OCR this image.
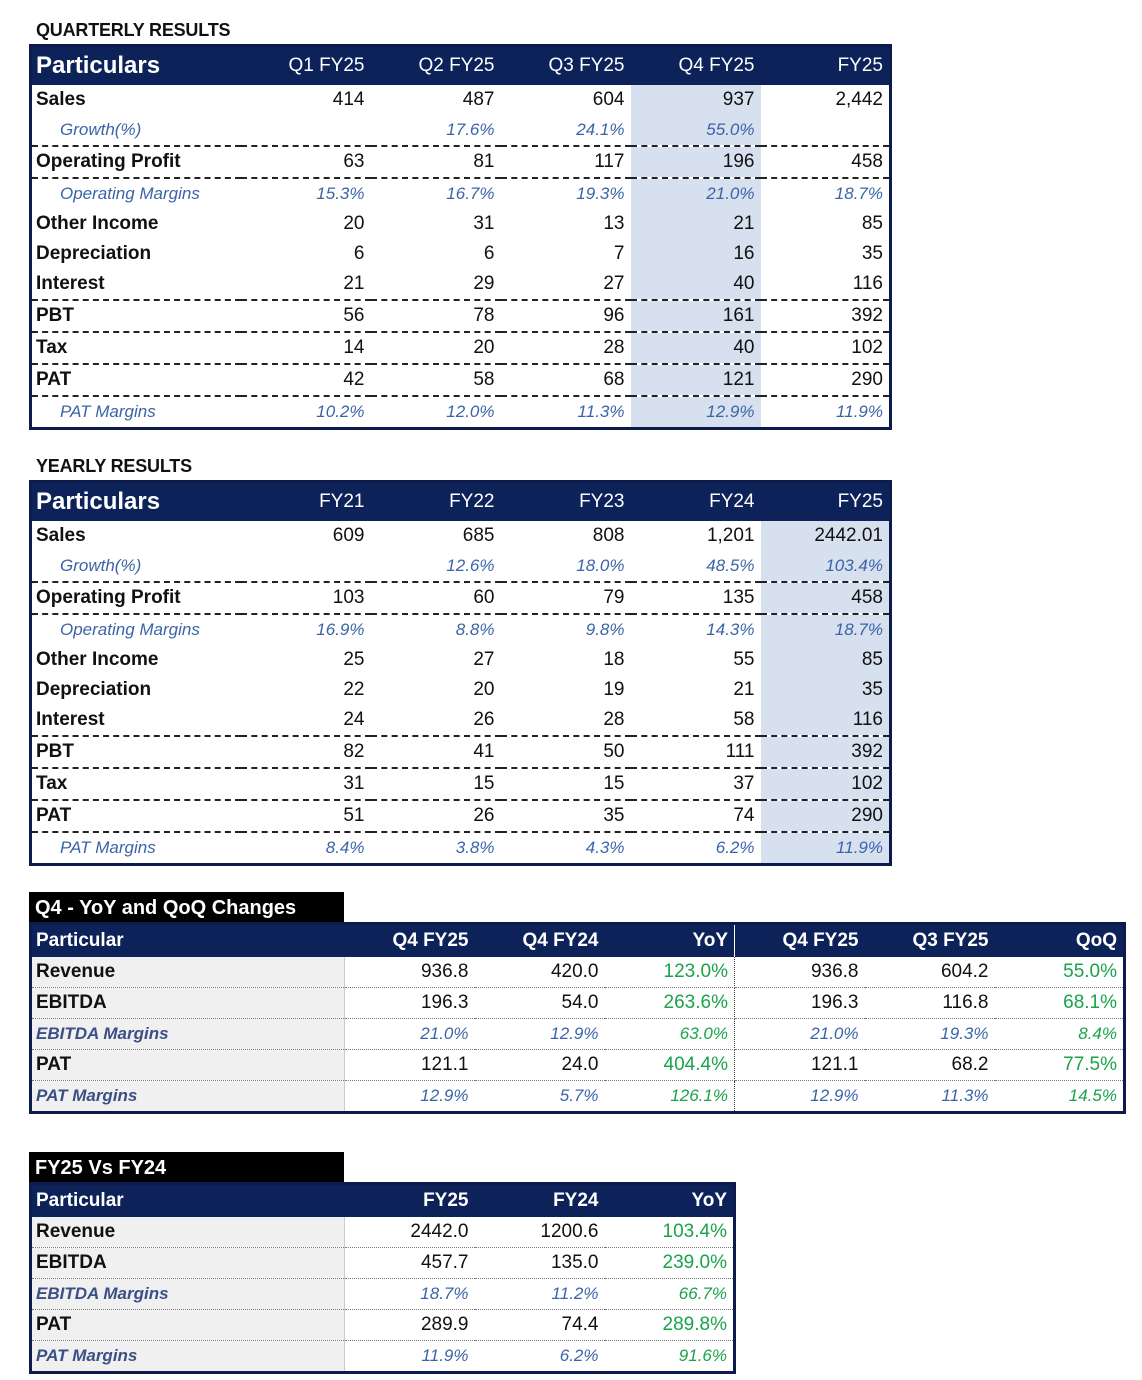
QUARTERLY RESULTS
Particulars	Q1 FY25	Q2 FY25	Q3 FY25	Q4 FY25	FY25
Sales	414	487	604	937	2,442
Growth(%)		17.6%	24.1%	55.0%	
Operating Profit	63	81	117	196	458
Operating Margins	15.3%	16.7%	19.3%	21.0%	18.7%
Other Income	20	31	13	21	85
Depreciation	6	6	7	16	35
Interest	21	29	27	40	116
PBT	56	78	96	161	392
Tax	14	20	28	40	102
PAT	42	58	68	121	290
PAT Margins	10.2%	12.0%	11.3%	12.9%	11.9%
YEARLY RESULTS
Particulars	FY21	FY22	FY23	FY24	FY25
Sales	609	685	808	1,201	2442.01
Growth(%)		12.6%	18.0%	48.5%	103.4%
Operating Profit	103	60	79	135	458
Operating Margins	16.9%	8.8%	9.8%	14.3%	18.7%
Other Income	25	27	18	55	85
Depreciation	22	20	19	21	35
Interest	24	26	28	58	116
PBT	82	41	50	111	392
Tax	31	15	15	37	102
PAT	51	26	35	74	290
PAT Margins	8.4%	3.8%	4.3%	6.2%	11.9%
Q4 - YoY and QoQ Changes
Particular	Q4 FY25	Q4 FY24	YoY	Q4 FY25	Q3 FY25	QoQ
Revenue	936.8	420.0	123.0%	936.8	604.2	55.0%
EBITDA	196.3	54.0	263.6%	196.3	116.8	68.1%
EBITDA Margins	21.0%	12.9%	63.0%	21.0%	19.3%	8.4%
PAT	121.1	24.0	404.4%	121.1	68.2	77.5%
PAT Margins	12.9%	5.7%	126.1%	12.9%	11.3%	14.5%
FY25 Vs FY24
Particular	FY25	FY24	YoY
Revenue	2442.0	1200.6	103.4%
EBITDA	457.7	135.0	239.0%
EBITDA Margins	18.7%	11.2%	66.7%
PAT	289.9	74.4	289.8%
PAT Margins	11.9%	6.2%	91.6%
